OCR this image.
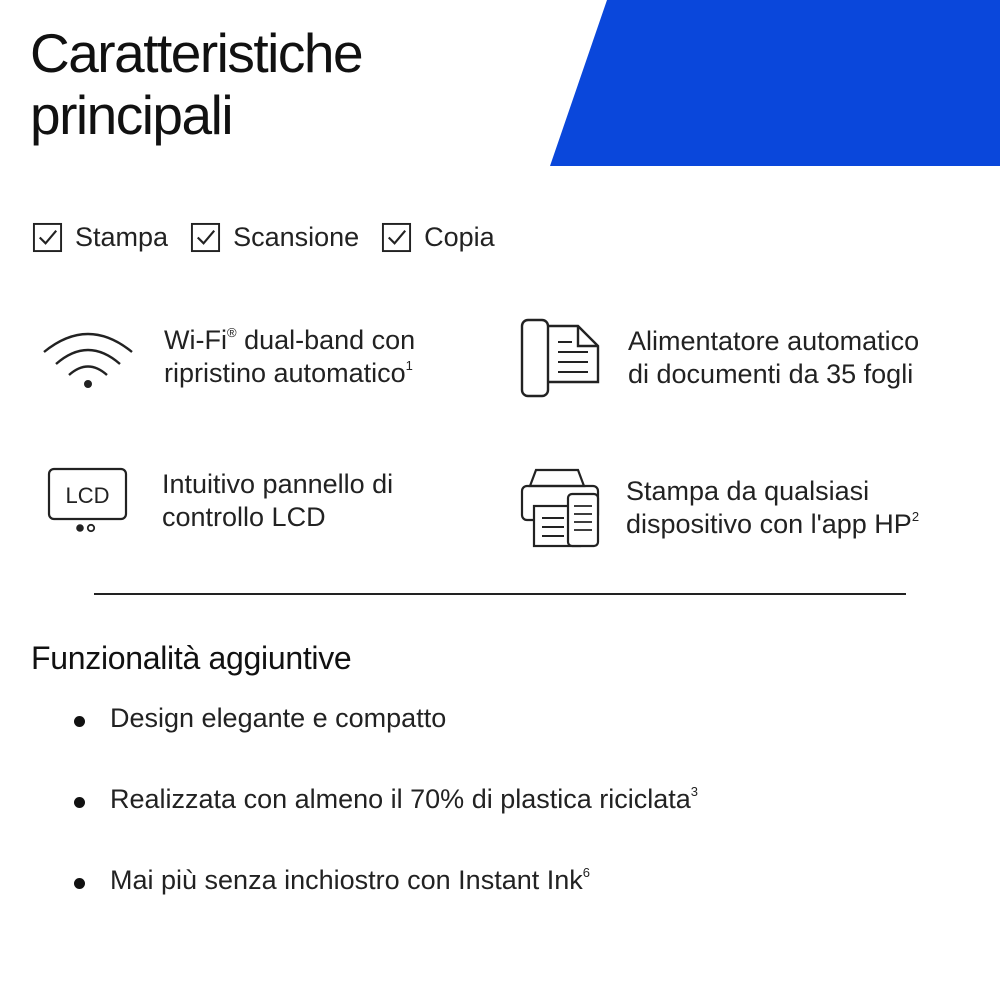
Caratteristiche
principali
Stampa Scansione Copia
Wi-Fi® dual-band con
ripristino automatico$^1$
Alimentatore automatico
di documenti da 35 fogli
LCD Intuitivo pannello di
controllo LCD
Stampa da qualsiasi
dispositivo con l'app $HP^2$
Funzionalità aggiuntive
Design elegante e compatto
Realizzata con almeno il 70% di plastica riciclata$^3$
Mai più senza inchiostro con Instant Ink$^6$
